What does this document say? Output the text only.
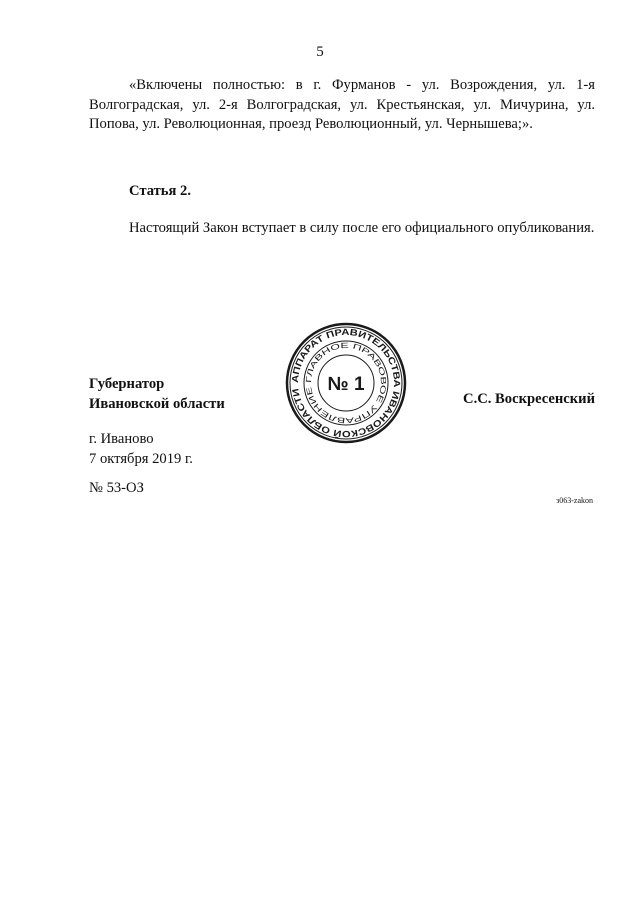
5
«Включены полностью: в г. Фурманов - ул. Возрождения, ул. 1-я Волгоградская, ул. 2-я Волгоградская, ул. Крестьянская, ул. Мичурина, ул. Попова, ул. Революционная, проезд Революционный, ул. Чернышева;».
Статья 2.
Настоящий Закон вступает в силу после его официального опубликования.
Губернатор
Ивановской области	С.С. Воскресенский
г. Иваново
7 октября 2019 г.
№ 53-ОЗ
з063-zakon
АППАРАТ ПРАВИТЕЛЬСТВА ИВАНОВСКОЙ ОБЛАСТИ
ГЛАВНОЕ ПРАВОВОЕ УПРАВЛЕНИЕ № 1
